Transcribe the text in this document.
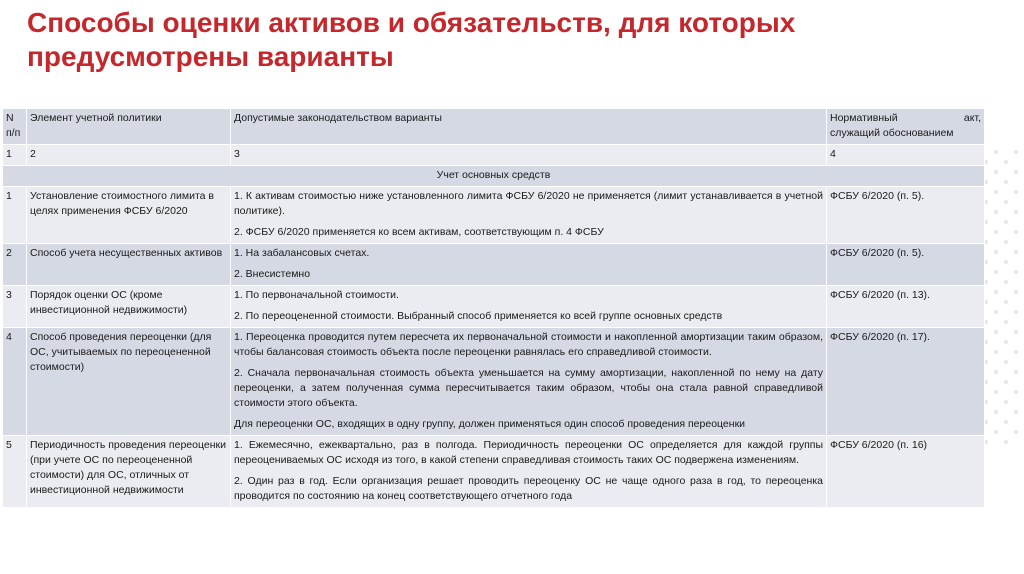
Способы оценки активов и обязательств, для которых предусмотрены варианты
N п/п	Элемент учетной политики	Допустимые законодательством варианты	Нормативный акт,
служащий обоснованием

1	2	3	4
Учет основных средств			
1	Установление стоимостного лимита в целях применения ФСБУ 6/2020	1. К активам стоимостью ниже установленного лимита ФСБУ 6/2020 не применяется (лимит устанавливается в учетной политике).

2. ФСБУ 6/2020 применяется ко всем активам, соответствующим п. 4 ФСБУ	ФСБУ 6/2020 (п. 5).
2	Способ учета несущественных активов	1. На забалансовых счетах.

2. Внесистемно	ФСБУ 6/2020 (п. 5).
3	Порядок оценки ОС (кроме инвестиционной недвижимости)	1. По первоначальной стоимости.

2. По переоцененной стоимости. Выбранный способ применяется ко всей группе основных средств	ФСБУ 6/2020 (п. 13).
4	Способ проведения переоценки (для ОС, учитываемых по переоцененной стоимости)	1. Переоценка проводится путем пересчета их первоначальной стоимости и накопленной амортизации таким образом, чтобы балансовая стоимость объекта после переоценки равнялась его справедливой стоимости.

2. Сначала первоначальная стоимость объекта уменьшается на сумму амортизации, накопленной по нему на дату переоценки, а затем полученная сумма пересчитывается таким образом, чтобы она стала равной справедливой стоимости этого объекта.

Для переоценки ОС, входящих в одну группу, должен применяться один способ проведения переоценки	ФСБУ 6/2020 (п. 17).
5	Периодичность проведения переоценки (при учете ОС по переоцененной стоимости) для ОС, отличных от инвестиционной недвижимости	1. Ежемесячно, ежеквартально, раз в полгода. Периодичность переоценки ОС определяется для каждой группы переоцениваемых ОС исходя из того, в какой степени справедливая стоимость таких ОС подвержена изменениям.

2. Один раз в год. Если организация решает проводить переоценку ОС не чаще одного раза в год, то переоценка проводится по состоянию на конец соответствующего отчетного года	ФСБУ 6/2020 (п. 16)
